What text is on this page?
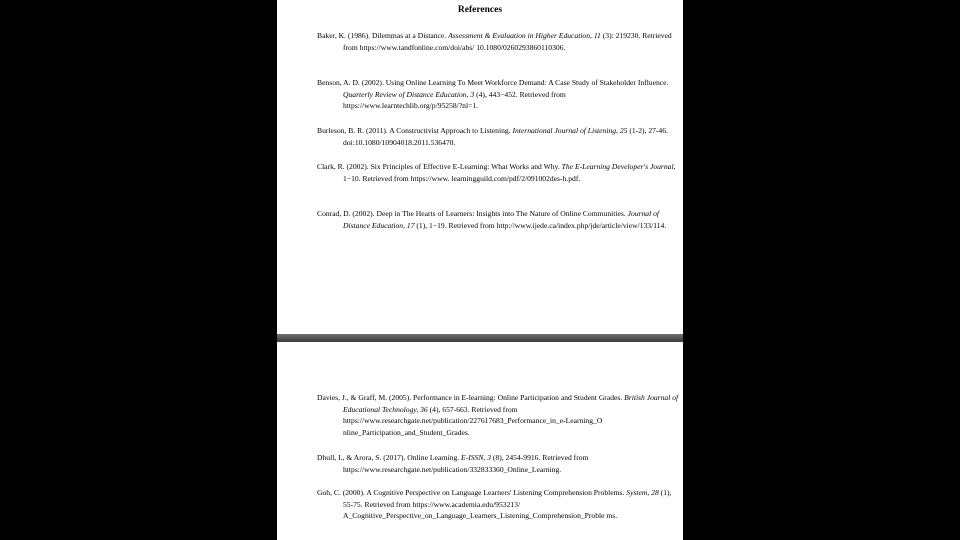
References
Baker, K. (1986). Dilemmas at a Distance. Assessment & Evaluation in Higher Education, 11 (3): 219230. Retrieved from https://www.tandfonline.com/doi/abs/ 10.1080/0260293860110306.
Benson, A. D. (2002). Using Online Learning To Meet Workforce Demand: A Case Study of Stakeholder Influence. Quarterly Review of Distance Education, 3 (4), 443−452. Retrieved from https://www.learntechlib.org/p/95258/?nl=1.
Burleson, B. R. (2011). A Constructivist Approach to Listening. International Journal of Listening, 25 (1-2), 27-46. doi:10.1080/10904018.2011.536470.
Clark, R. (2002). Six Principles of Effective E-Learning: What Works and Why. The E-Learning Developer's Journal, 1−10. Retrieved from https://www. learningguild.com/pdf/2/091002des-h.pdf.
Conrad, D. (2002). Deep in The Hearts of Learners: Insights into The Nature of Online Communities. Journal of Distance Education, 17 (1), 1−19. Retrieved from http://www.ijede.ca/index.php/jde/article/view/133/114.
Davies, J., & Graff, M. (2005). Performance in E-learning: Online Participation and Student Grades. British Journal of Educational Technology, 36 (4), 657-663. Retrieved from https://www.researchgate.net/publication/227617683_Performance_in_e-Learning_O nline_Participation_and_Student_Grades.
Dhull, I., & Arora, S. (2017). Online Learning. E-ISSN, 3 (8), 2454-9916. Retrieved from https://www.researchgate.net/publication/332833360_Online_Learning.
Goh, C. (2000). A Cognitive Perspective on Language Learners' Listening Comprehension Problems. System, 28 (1), 55-75. Retrieved from https://www.academia.edu/953213/ A_Cognitive_Perspective_on_Language_Learners_Listening_Comprehension_Proble ms.
